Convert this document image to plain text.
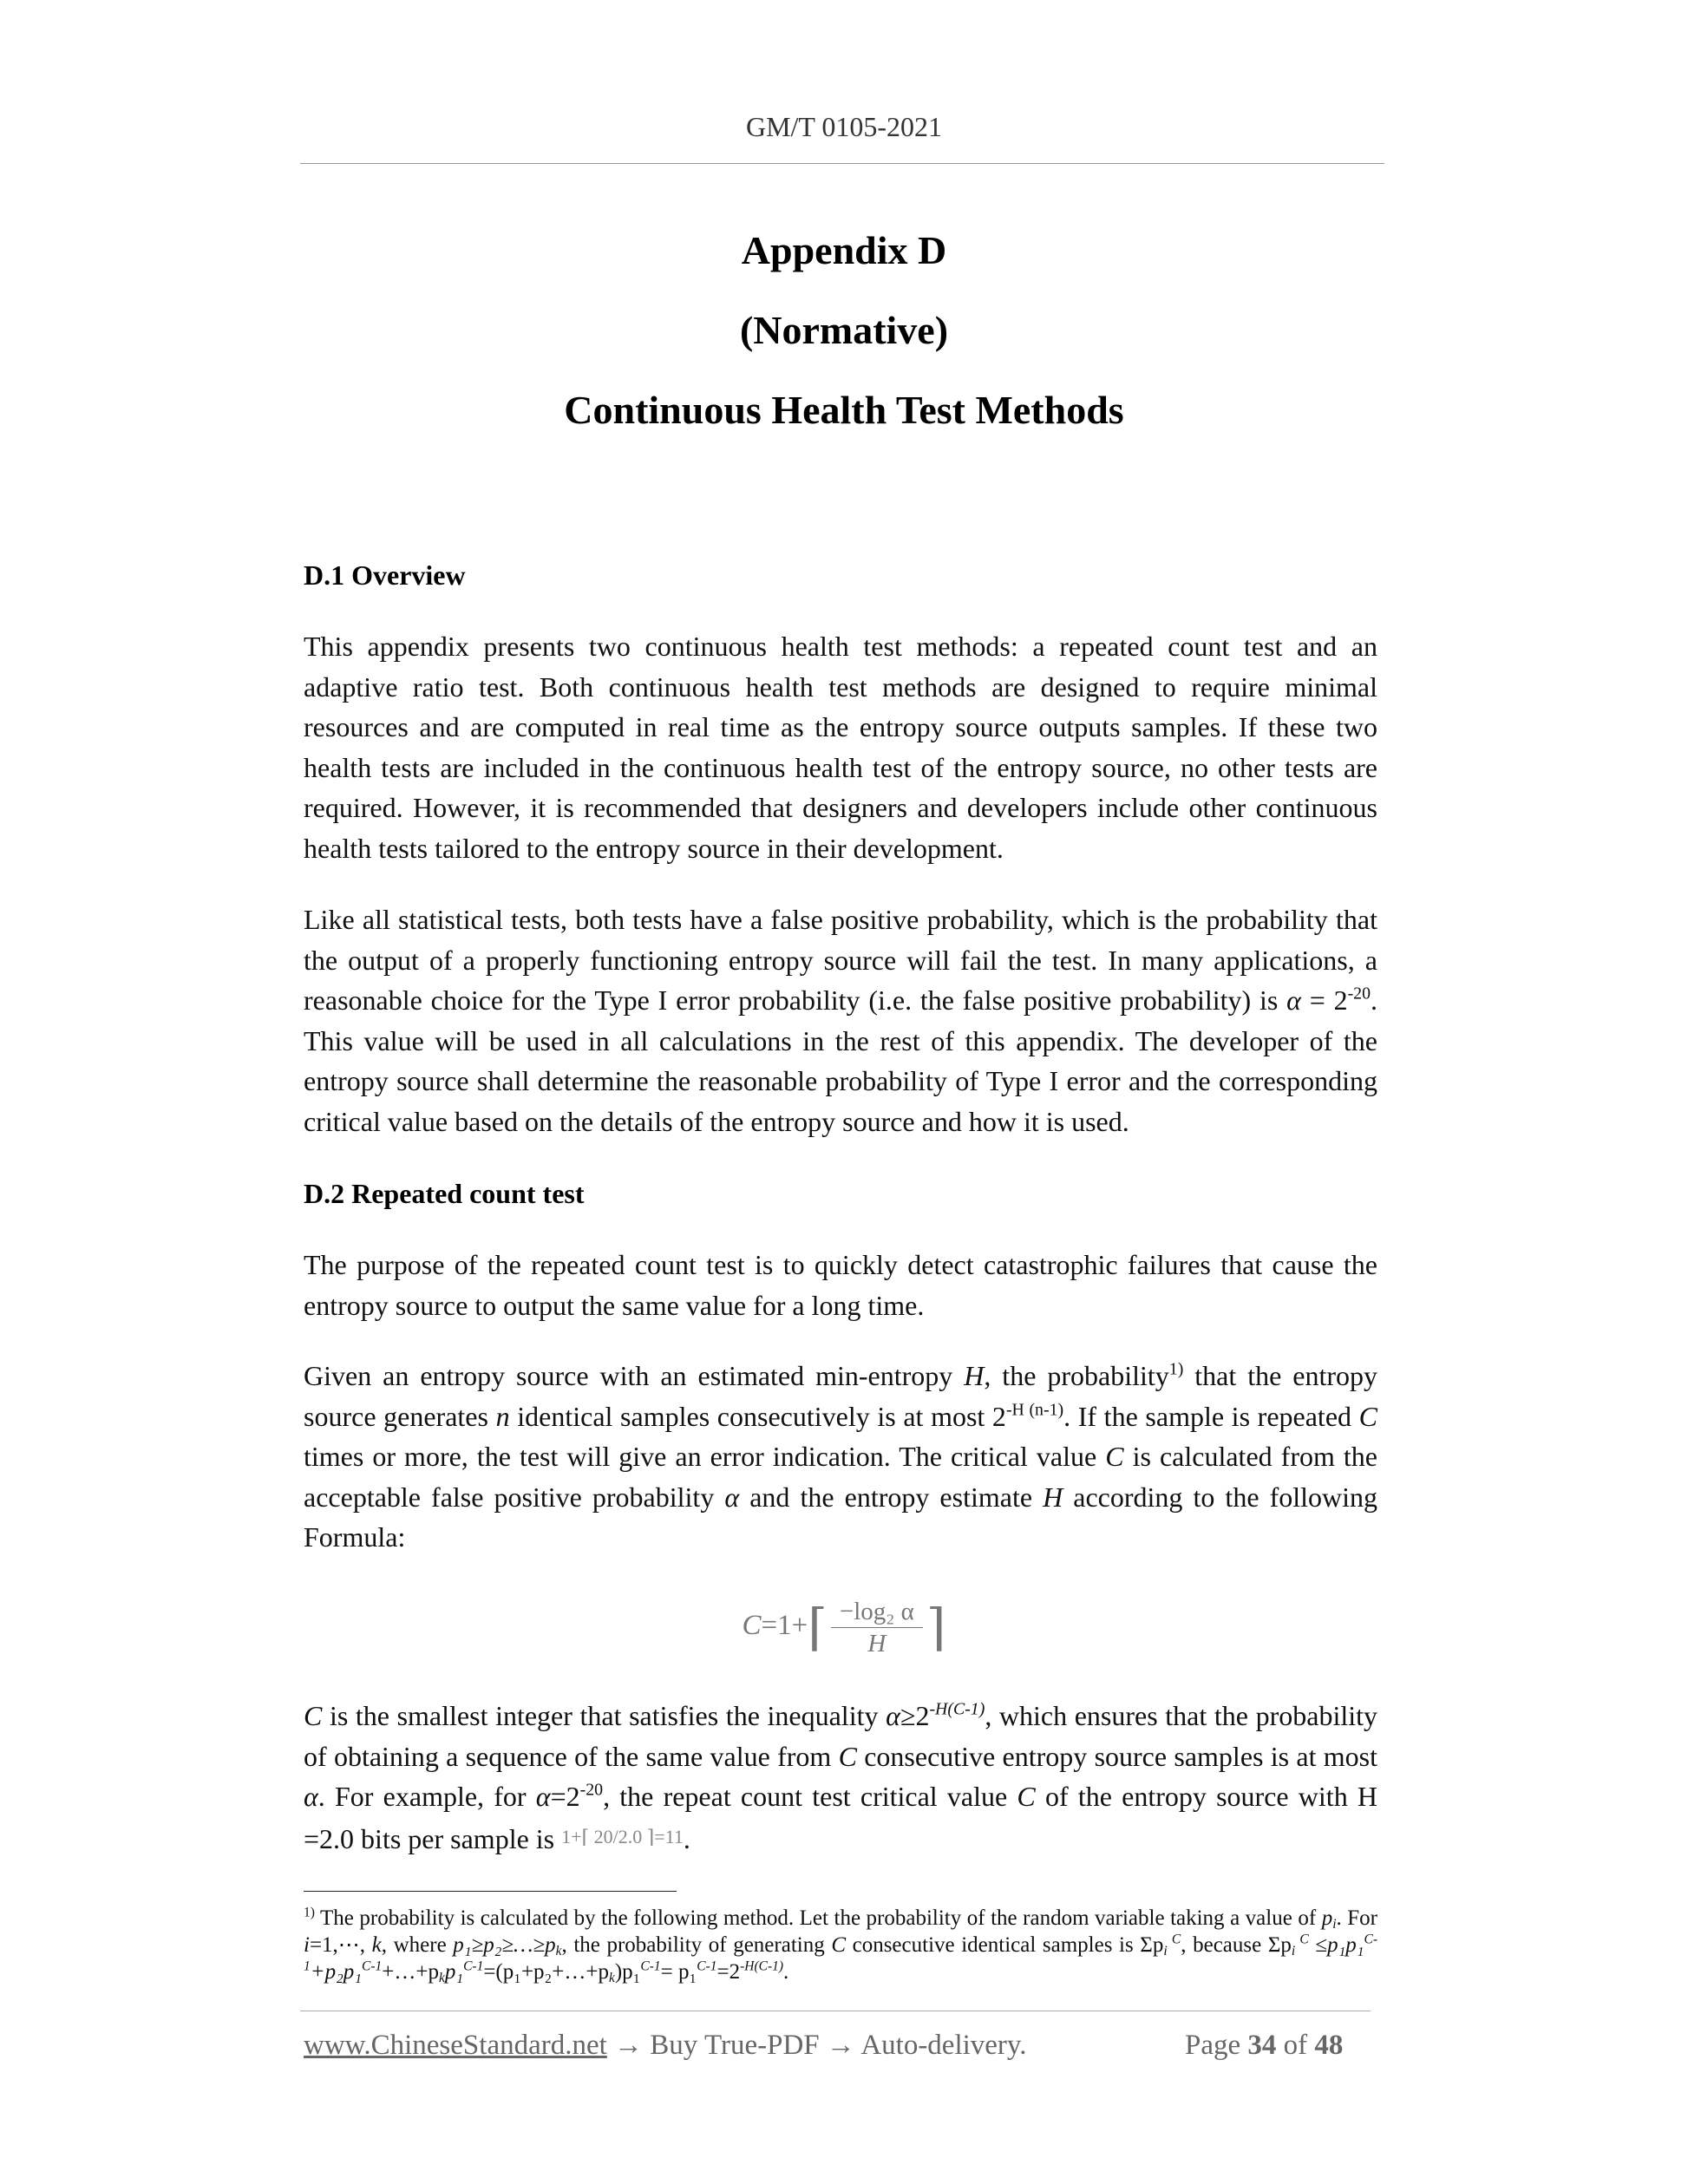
GM/T 0105-2021
Appendix D
(Normative)
Continuous Health Test Methods
D.1 Overview
This appendix presents two continuous health test methods: a repeated count test and an adaptive ratio test. Both continuous health test methods are designed to require minimal resources and are computed in real time as the entropy source outputs samples. If these two health tests are included in the continuous health test of the entropy source, no other tests are required. However, it is recommended that designers and developers include other continuous health tests tailored to the entropy source in their development.
Like all statistical tests, both tests have a false positive probability, which is the probability that the output of a properly functioning entropy source will fail the test. In many applications, a reasonable choice for the Type I error probability (i.e. the false positive probability) is $\alpha = 2^{-20}$. This value will be used in all calculations in the rest of this appendix. The developer of the entropy source shall determine the reasonable probability of Type I error and the corresponding critical value based on the details of the entropy source and how it is used.
D.2 Repeated count test
The purpose of the repeated count test is to quickly detect catastrophic failures that cause the entropy source to output the same value for a long time.
Given an entropy source with an estimated min-entropy H, the probability$^{1)}$ that the entropy source generates n identical samples consecutively is at most $2^{-H (n-1)}$. If the sample is repeated C times or more, the test will give an error indication. The critical value C is calculated from the acceptable false positive probability α and the entropy estimate H according to the following Formula:
C=1+⌈ $\frac{\text{−log₂ α}}{H}$ ⌉
C is the smallest integer that satisfies the inequality $\alpha\ge 2^{-H(C-1)}$, which ensures that the probability of obtaining a sequence of the same value from C consecutive entropy source samples is at most α. For example, for $\alpha=2^{-20}$, the repeat count test critical value C of the entropy source with H =2.0 bits per sample is 1+⌈ 20/2.0 ⌉=11.
$^{1)}$ The probability is calculated by the following method. Let the probability of the random variable taking a value of $p_i$. For i=1,⋯, k, where $p_1\ge p_2\ge\dots\ge p_k$, the probability of generating C consecutive identical samples is $\Sigma p_i$ $^C$, because $\Sigma p_i$ $^C \le p_1p_1^{C-1}+p_2p_1^{C-1}+\dots+p_kp_1^{C-1}=(p_1+p_2+\dots+p_k)p_1^{C-1}= p_1^{C-1}=2^{-H(C-1)}$.
www.ChineseStandard.net → Buy True-PDF → Auto-delivery.	Page 34 of 48
